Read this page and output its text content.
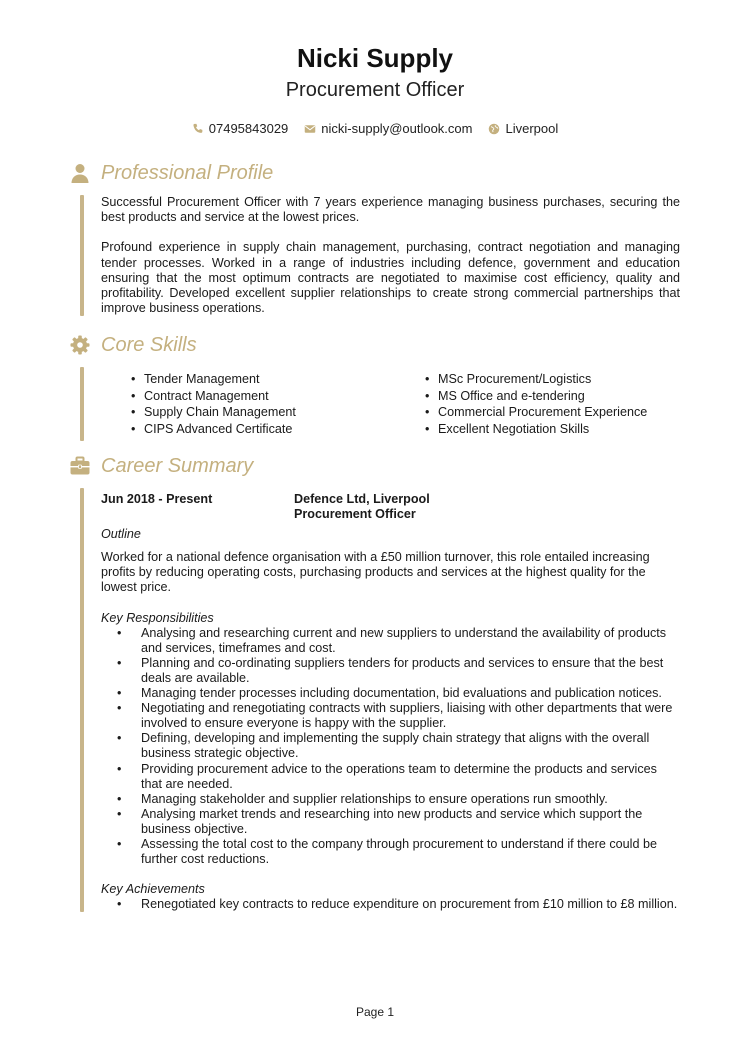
Nicki Supply
Procurement Officer
07495843029	nicki-supply@outlook.com	Liverpool
Professional Profile

Successful Procurement Officer with 7 years experience managing business purchases, securing the best products and service at the lowest prices.

Profound experience in supply chain management, purchasing, contract negotiation and managing tender processes. Worked in a range of industries including defence, government and education ensuring that the most optimum contracts are negotiated to maximise cost efficiency, quality and profitability. Developed excellent supplier relationships to create strong commercial partnerships that improve business operations.

Core Skills
• Tender Management
• Contract Management
• Supply Chain Management
• CIPS Advanced Certificate
• MSc Procurement/Logistics
• MS Office and e-tendering
• Commercial Procurement Experience
• Excellent Negotiation Skills
Career Summary
Jun 2018 - Present	Defence Ltd, Liverpool
Procurement Officer
Outline

Worked for a national defence organisation with a £50 million turnover, this role entailed increasing profits by reducing operating costs, purchasing products and services at the highest quality for the lowest price.

Key Responsibilities
• Analysing and researching current and new suppliers to understand the availability of products and services, timeframes and cost.
• Planning and co-ordinating suppliers tenders for products and services to ensure that the best deals are available.
• Managing tender processes including documentation, bid evaluations and publication notices.
• Negotiating and renegotiating contracts with suppliers, liaising with other departments that were involved to ensure everyone is happy with the supplier.
• Defining, developing and implementing the supply chain strategy that aligns with the overall business strategic objective.
• Providing procurement advice to the operations team to determine the products and services that are needed.
• Managing stakeholder and supplier relationships to ensure operations run smoothly.
• Analysing market trends and researching into new products and service which support the business objective.
• Assessing the total cost to the company through procurement to understand if there could be further cost reductions.
Key Achievements
• Renegotiated key contracts to reduce expenditure on procurement from £10 million to £8 million.
Page 1
